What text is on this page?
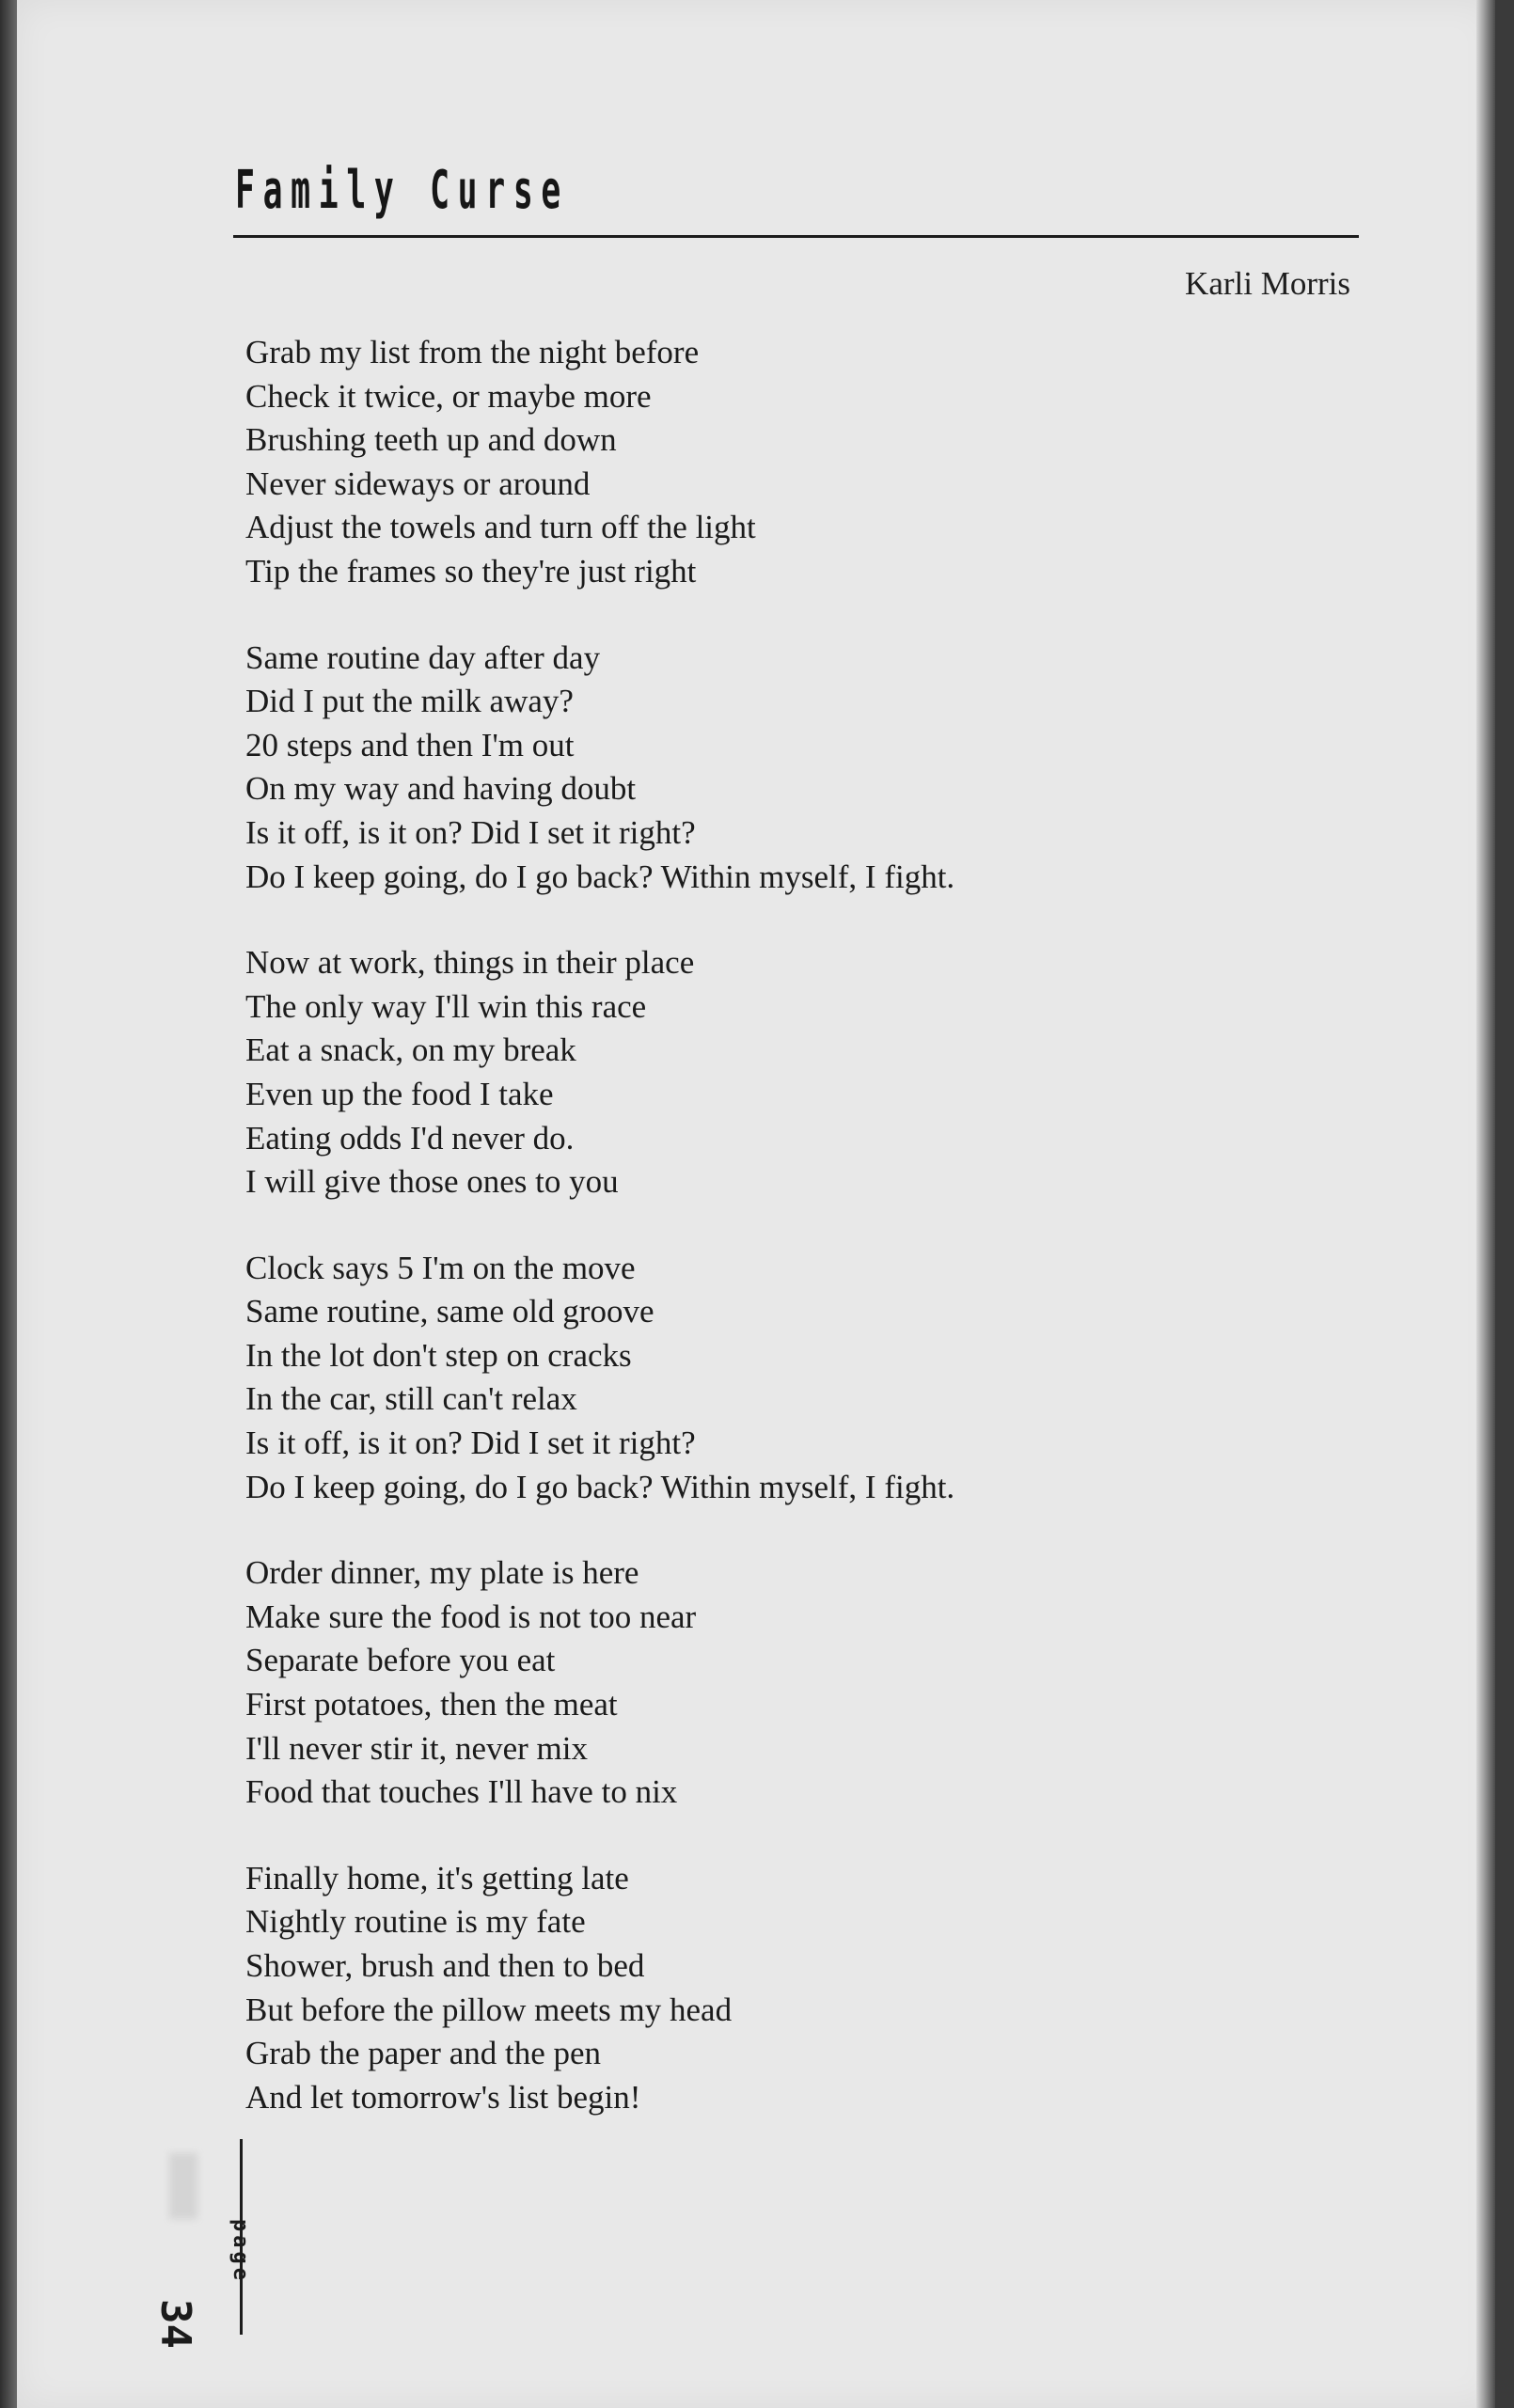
Family Curse
Karli Morris
Grab my list from the night before
Check it twice, or maybe more
Brushing teeth up and down
Never sideways or around
Adjust the towels and turn off the light
Tip the frames so they're just right
Same routine day after day
Did I put the milk away?
20 steps and then I'm out
On my way and having doubt
Is it off, is it on? Did I set it right?
Do I keep going, do I go back? Within myself, I fight.
Now at work, things in their place
The only way I'll win this race
Eat a snack, on my break
Even up the food I take
Eating odds I'd never do.
I will give those ones to you
Clock says 5 I'm on the move
Same routine, same old groove
In the lot don't step on cracks
In the car, still can't relax
Is it off, is it on? Did I set it right?
Do I keep going, do I go back? Within myself, I fight.
Order dinner, my plate is here
Make sure the food is not too near
Separate before you eat
First potatoes, then the meat
I'll never stir it, never mix
Food that touches I'll have to nix
Finally home, it's getting late
Nightly routine is my fate
Shower, brush and then to bed
But before the pillow meets my head
Grab the paper and the pen
And let tomorrow's list begin!
page
34
